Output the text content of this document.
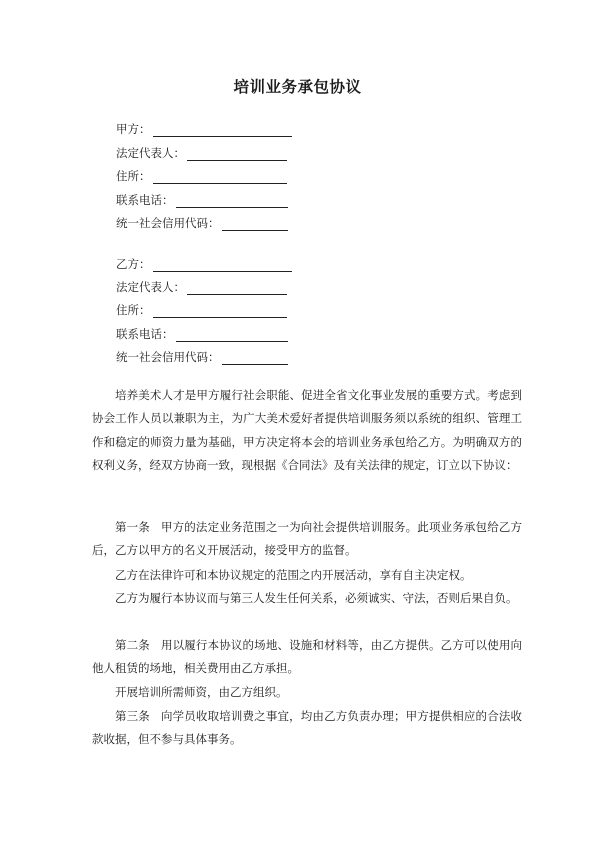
培训业务承包协议
甲方：
法定代表人：
住所：
联系电话：
统一社会信用代码：
乙方：
法定代表人：
住所：
联系电话：
统一社会信用代码：

培养美术人才是甲方履行社会职能、促进全省文化事业发展的重要方式。考虑到协会工作人员以兼职为主，为广大美术爱好者提供培训服务须以系统的组织、管理工作和稳定的师资力量为基础，甲方决定将本会的培训业务承包给乙方。为明确双方的权利义务，经双方协商一致，现根据《合同法》及有关法律的规定，订立以下协议：

第一条 甲方的法定业务范围之一为向社会提供培训服务。此项业务承包给乙方后，乙方以甲方的名义开展活动，接受甲方的监督。

乙方在法律许可和本协议规定的范围之内开展活动，享有自主决定权。

乙方为履行本协议而与第三人发生任何关系，必须诚实、守法，否则后果自负。

第二条 用以履行本协议的场地、设施和材料等，由乙方提供。乙方可以使用向他人租赁的场地，相关费用由乙方承担。

开展培训所需师资，由乙方组织。

第三条 向学员收取培训费之事宜，均由乙方负责办理；甲方提供相应的合法收款收据，但不参与具体事务。
